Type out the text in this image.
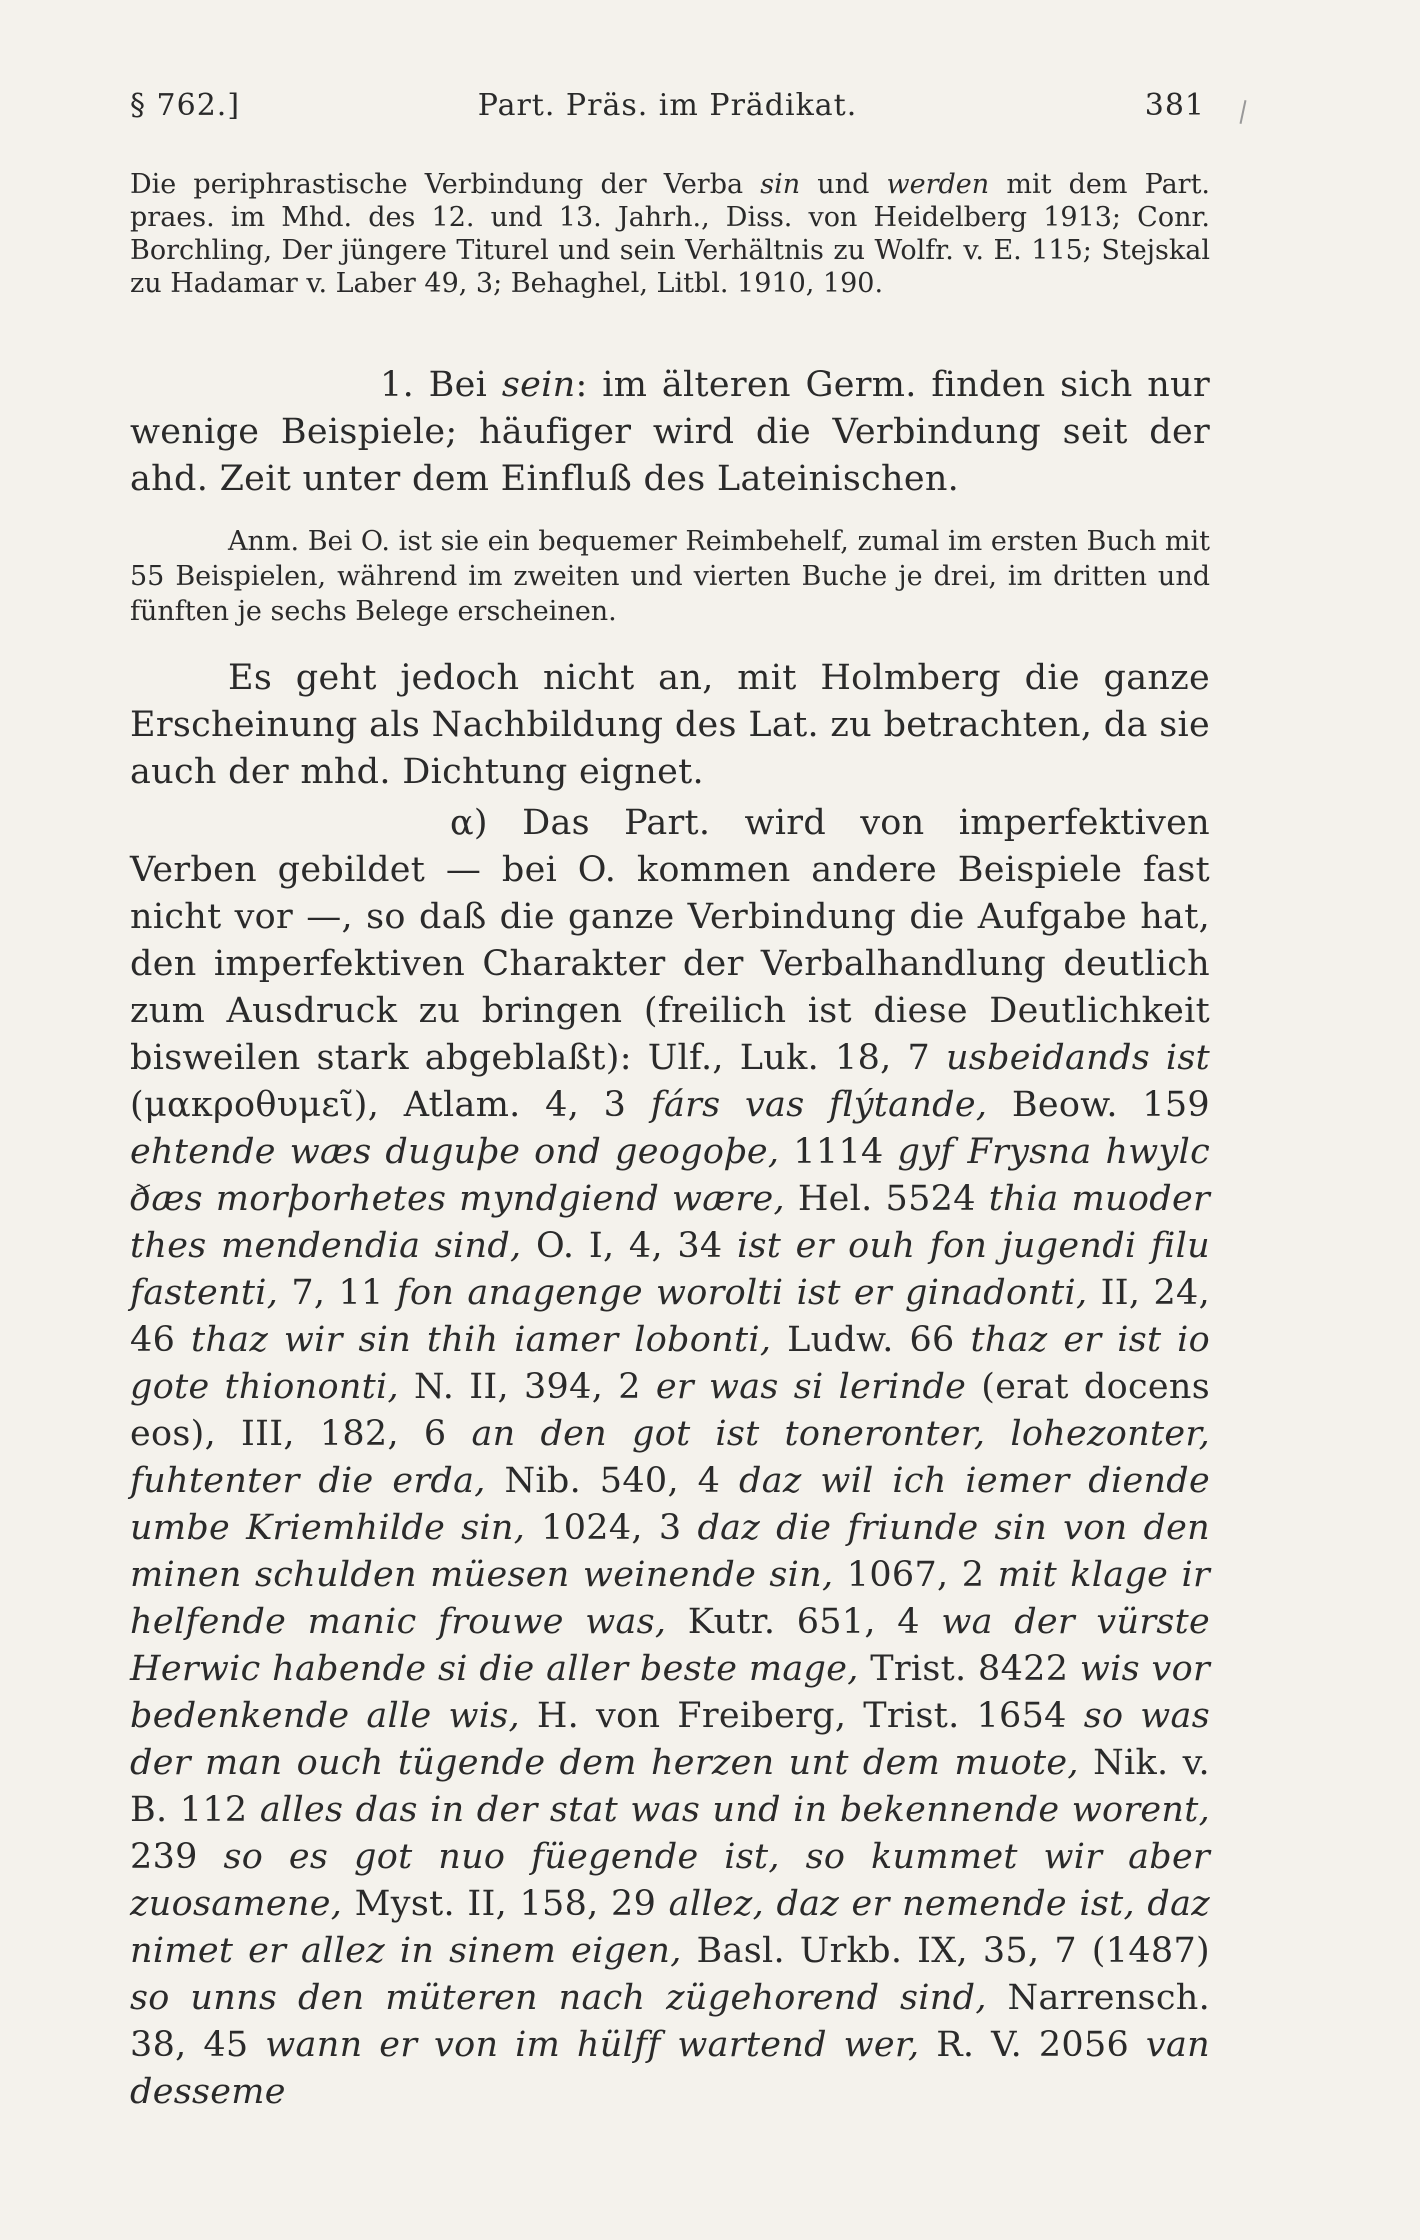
§ 762.]	Part. Präs. im Prädikat.	381
Die periphrastische Verbindung der Verba sin und werden mit dem Part. praes. im Mhd. des 12. und 13. Jahrh., Diss. von Heidelberg 1913; Conr. Borchling, Der jüngere Titurel und sein Verhältnis zu Wolfr. v. E. 115; Stejskal zu Hadamar v. Laber 49, 3; Behaghel, Litbl. 1910, 190.
1. Bei sein: im älteren Germ. finden sich nur wenige Beispiele; häufiger wird die Verbindung seit der ahd. Zeit unter dem Einfluß des Lateinischen.
Anm. Bei O. ist sie ein bequemer Reimbehelf, zumal im ersten Buch mit 55 Beispielen, während im zweiten und vierten Buche je drei, im dritten und fünften je sechs Belege erscheinen.
Es geht jedoch nicht an, mit Holmberg die ganze Erscheinung als Nachbildung des Lat. zu betrachten, da sie auch der mhd. Dichtung eignet.
α) Das Part. wird von imperfektiven Verben gebildet — bei O. kommen andere Beispiele fast nicht vor —, so daß die ganze Verbindung die Aufgabe hat, den imperfektiven Charakter der Verbalhandlung deutlich zum Ausdruck zu bringen (freilich ist diese Deutlichkeit bisweilen stark abgeblaßt): Ulf., Luk. 18, 7 usbeidands ist (μακροθυμεῖ), Atlam. 4, 3 fárs vas flýtande, Beow. 159 ehtende wæs duguþe ond geogoþe, 1114 gyf Frysna hwylc ðæs morþorhetes myndgiend wære, Hel. 5524 thia muoder thes mendendia sind, O. I, 4, 34 ist er ouh fon jugendi filu fastenti, 7, 11 fon anagenge worolti ist er ginadonti, II, 24, 46 thaz wir sin thih iamer lobonti, Ludw. 66 thaz er ist io gote thiononti, N. II, 394, 2 er was si lerinde (erat docens eos), III, 182, 6 an den got ist toneronter, lohezonter, fuhtenter die erda, Nib. 540, 4 daz wil ich iemer diende umbe Kriemhilde sin, 1024, 3 daz die friunde sin von den minen schulden müesen weinende sin, 1067, 2 mit klage ir helfende manic frouwe was, Kutr. 651, 4 wa der vürste Herwic habende si die aller beste mage, Trist. 8422 wis vor bedenkende alle wis, H. von Freiberg, Trist. 1654 so was der man ouch tügende dem herzen unt dem muote, Nik. v. B. 112 alles das in der stat was und in bekennende worent, 239 so es got nuo füegende ist, so kummet wir aber zuosamene, Myst. II, 158, 29 allez, daz er nemende ist, daz nimet er allez in sinem eigen, Basl. Urkb. IX, 35, 7 (1487) so unns den müteren nach zügehorend sind, Narrensch. 38, 45 wann er von im hülff wartend wer, R. V. 2056 van desseme
